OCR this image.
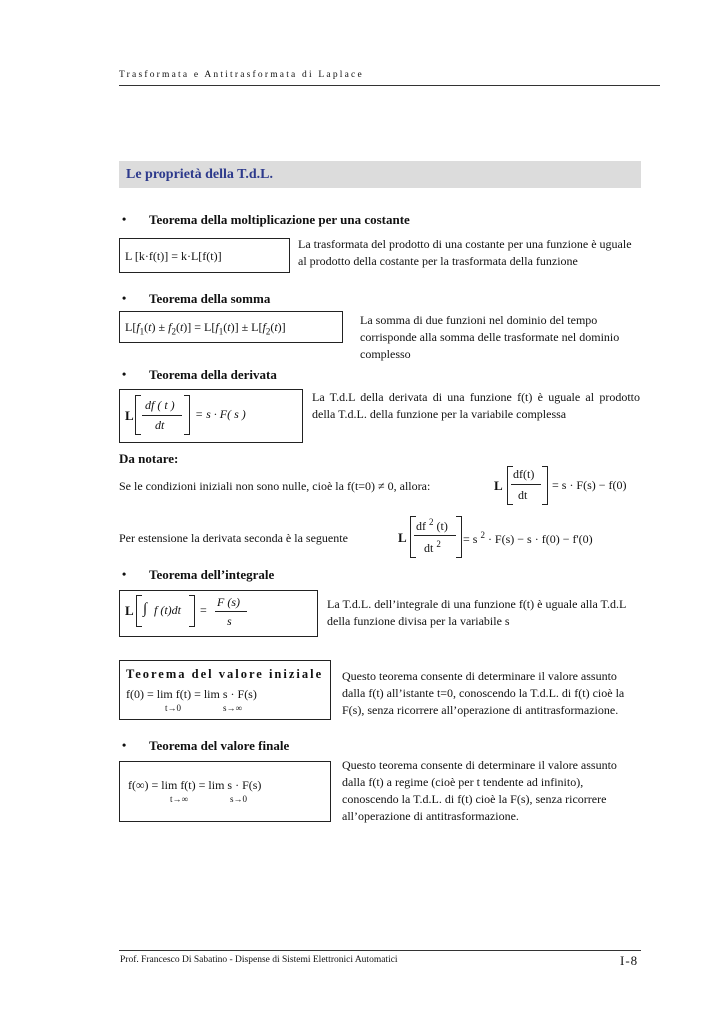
Trasformata e Antitrasformata di Laplace
Le proprietà della T.d.L.
• Teorema della moltiplicazione per una costante
L [k·f(t)] = k·L[f(t)]
La trasformata del prodotto di una costante per una funzione è uguale al prodotto della costante per la trasformata della funzione
• Teorema della somma
$L[f_1(t) \pm f_2(t)] = L[f_1(t)] \pm L[f_2(t)]$	La somma di due funzioni nel dominio del tempo corrisponde alla somma delle trasformate nel dominio complesso
• Teorema della derivata
L
df ( t )
dt
= s · F( s )
La T.d.L della derivata di una funzione f(t) è uguale al prodotto della T.d.L. della funzione per la variabile complessa
Da notare:
Se le condizioni iniziali non sono nulle, cioè la f(t=0) ≠ 0, allora:	L
df(t)
dt
= s · F(s) − f(0)
Per estensione la derivata seconda è la seguente	L
df $^2$ (t)
dt $^2$ = s $^2$ · F(s) − s · f(0) − f'(0)
• Teorema dell’integrale
L ∫ f (t)dt =
F (s)
s
La T.d.L. dell’integrale di una funzione f(t) è uguale alla T.d.L della funzione divisa per la variabile s
Teorema del valore iniziale
f(0) = lim f(t) = lim s · F(s)
t→0	s→∞
Questo teorema consente di determinare il valore assunto dalla f(t) all’istante t=0, conoscendo la T.d.L. di f(t) cioè la F(s), senza ricorrere all’operazione di antitrasformazione.
• Teorema del valore finale
f(∞) = lim f(t) = lim s · F(s)
t→∞	s→0
Questo teorema consente di determinare il valore assunto dalla f(t) a regime (cioè per t tendente ad infinito), conoscendo la T.d.L. di f(t) cioè la F(s), senza ricorrere all’operazione di antitrasformazione.
Prof. Francesco Di Sabatino - Dispense di Sistemi Elettronici Automatici	I-8
